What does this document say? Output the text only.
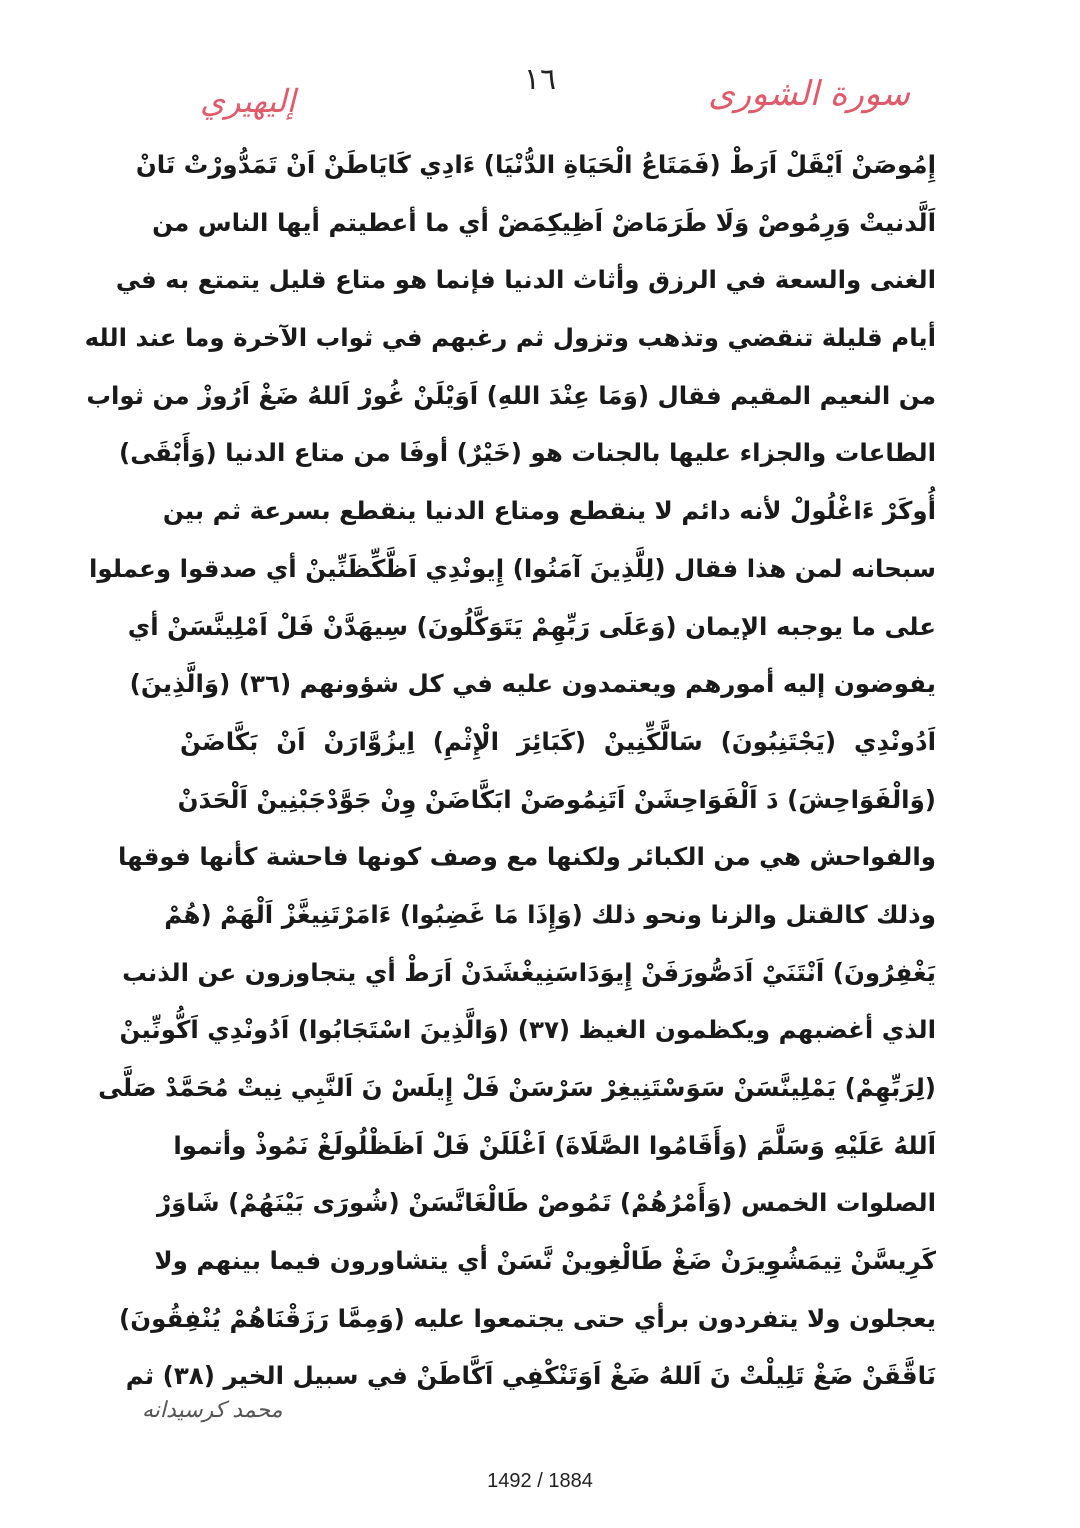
١٦	سورة الشورى
إليهيري
إِمُوصَنْ اَيْقَلْ اَرَطْ (فَمَتَاعُ الْحَيَاةِ الدُّنْيَا) ءَادِي كَايَاطَنْ اَنْ تَمَدُّورْتْ تَانْ
اَلَّدنيتْ وَرِمُوصْ وَلَا طَرَمَاضْ اَظِيكِمَضْ أي ما أعطيتم أيها الناس من
الغنى والسعة في الرزق وأثاث الدنيا فإنما هو متاع قليل يتمتع به في
أيام قليلة تنقضي وتذهب وتزول ثم رغبهم في ثواب الآخرة وما عند الله
من النعيم المقيم فقال (وَمَا عِنْدَ اللهِ) اَوَيْلَنْ غُورْ اَللهُ ضَغْ اَرُوزْ من ثواب
الطاعات والجزاء عليها بالجنات هو (خَيْرٌ) أوفَا من متاع الدنيا (وَأَبْقَى)
أُوكَرْ ءَاغْلُولْ لأنه دائم لا ينقطع ومتاع الدنيا ينقطع بسرعة ثم بين
سبحانه لمن هذا فقال (لِلَّذِينَ آمَنُوا) إِيونْدِي اَظَّكِّظَنِّينْ أي صدقوا وعملوا
على ما يوجبه الإيمان (وَعَلَى رَبِّهِمْ يَتَوَكَّلُونَ) سِيهَدَّنْ فَلْ اَمْلِينَّسَنْ أي
يفوضون إليه أمورهم ويعتمدون عليه في كل شؤونهم (٣٦) (وَالَّذِينَ)
اَدُونْدِي (يَجْتَنِبُونَ) سَالَّكِّنِينْ (كَبَائِرَ الْإِثْمِ) اِيزُوَّارَنْ اَنْ بَكَّاضَنْ
(وَالْفَوَاحِشَ) دَ اَلْفَوَاحِشَنْ اَتَنِمُوصَنْ ابَكَّاضَنْ وِنْ جَوَّدْجَبْنِينْ اَلْحَدَنْ
والفواحش هي من الكبائر ولكنها مع وصف كونها فاحشة كأنها فوقها
وذلك كالقتل والزنا ونحو ذلك (وَإِذَا مَا غَضِبُوا) ءَامَرْتَنِيغَّزْ اَلْهَمْ (هُمْ
يَغْفِرُونَ) اَنْتَنَيْ اَدَصُّورَفَنْ إِيوَدَاسَنِيغْشَدَنْ اَرَطْ أي يتجاوزون عن الذنب
الذي أغضبهم ويكظمون الغيظ (٣٧) (وَالَّذِينَ اسْتَجَابُوا) اَدُونْدِي اَكُّونِّينْ
(لِرَبِّهِمْ) يَمْلِينَّسَنْ سَوَسْتَنِيغِرْ سَرْسَنْ فَلْ إِيلَسْ نَ اَلنَّبِي نِيتْ مُحَمَّدْ صَلَّى
اَللهُ عَلَيْهِ وَسَلَّمَ (وَأَقَامُوا الصَّلَاةَ) اَغْلَلَنْ فَلْ اَظَظْلُولَغْ نَمُوذْ وأتموا
الصلوات الخمس (وَأَمْرُهُمْ) تَمُوصْ طَالْغَانَّسَنْ (شُورَى بَيْنَهُمْ) شَاوَرْ
كَرِيسَّنْ تِيمَشُوِيرَنْ ضَغْ طَالْغِوينْ نَّسَنْ أي يتشاورون فيما بينهم ولا
يعجلون ولا يتفردون برأي حتى يجتمعوا عليه (وَمِمَّا رَزَقْنَاهُمْ يُنْفِقُونَ)
نَاقَّقَنْ ضَغْ تَلِيلْتْ نَ اَللهُ ضَغْ اَوَتَنْكْفِي اَكَّاطَنْ في سبيل الخير (٣٨) ثم
محمد كرسيدانه
1492 / 1884
